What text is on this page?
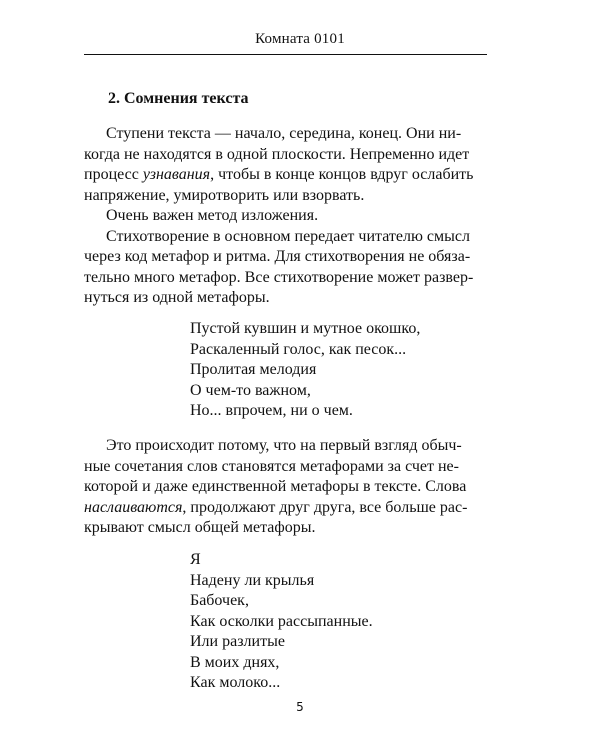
Комната 0101
2. Сомнения текста

Ступени текста — начало, середина, конец. Они ни-

когда не находятся в одной плоскости. Непременно идет

процесс узнавания, чтобы в конце концов вдруг ослабить

напряжение, умиротворить или взорвать.

Очень важен метод изложения.

Стихотворение в основном передает читателю смысл

через код метафор и ритма. Для стихотворения не обяза-

тельно много метафор. Все стихотворение может развер-

нуться из одной метафоры.

Пустой кувшин и мутное окошко,

Раскаленный голос, как песок...

Пролитая мелодия

О чем-то важном,

Но... впрочем, ни о чем.

Это происходит потому, что на первый взгляд обыч-

ные сочетания слов становятся метафорами за счет не-

которой и даже единственной метафоры в тексте. Слова

наслаиваются, продолжают друг друга, все больше рас-

крывают смысл общей метафоры.

Я

Надену ли крылья

Бабочек,

Как осколки рассыпанные.

Или разлитые

В моих днях,

Как молоко...

5
